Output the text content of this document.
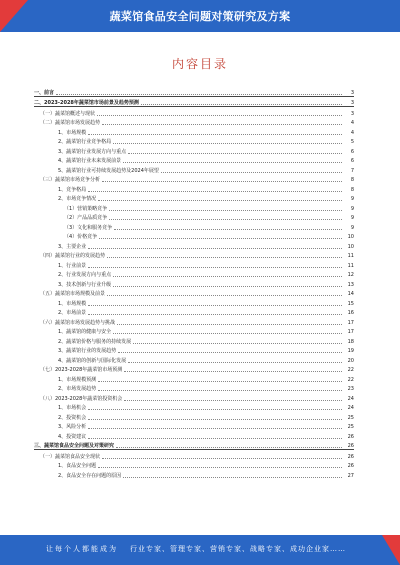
蔬菜馆食品安全问题对策研究及方案
内容目录
一、前言	3
二、2023-2028年蔬菜馆市场前景及趋势预测	3
（一）蔬菜馆概述与现状	3
（二）蔬菜馆市场发展趋势	4
1、市场规模	4
2、蔬菜馆行业竞争格局	5
3、蔬菜馆行业发展方向与重点	6
4、蔬菜馆行业未来发展前景	6
5、蔬菜馆行业可持续发展趋势及2024年展望	7
（三）蔬菜馆市场竞争分析	8
1、竞争格局	8
2、市场竞争情况	9
（1）营销策略竞争	9
（2）产品品质竞争	9
（3）文化和服务竞争	9
（4）价格竞争	10
3、主要企业	10
（四）蔬菜馆行业的发展趋势	11
1、行业前景	11
2、行业发展方向与重点	12
3、技术创新与行业升级	13
（五）蔬菜馆市场规模及前景	14
1、市场规模	15
2、市场前景	16
（六）蔬菜馆市场发展趋势与挑战	17
1、蔬菜馆的健康与安全	17
2、蔬菜馆价格与服务的持续发展	18
3、蔬菜馆行业的发展趋势	19
4、蔬菜馆的创新与国际化发展	20
（七）2023-2028年蔬菜馆市场预测	22
1、市场规模预测	22
2、市场发展趋势	23
（八）2023-2028年蔬菜馆投资机会	24
1、市场机会	24
2、投资机会	25
3、风险分析	25
4、投资建议	26
三、蔬菜馆食品安全问题及对策研究	26
（一）蔬菜馆食品安全现状	26
1、食品安全问题	26
2、食品安全存在问题的原因	27
让每个人都能成为 行业专家、管理专家、营销专家、战略专家、成功企业家……
